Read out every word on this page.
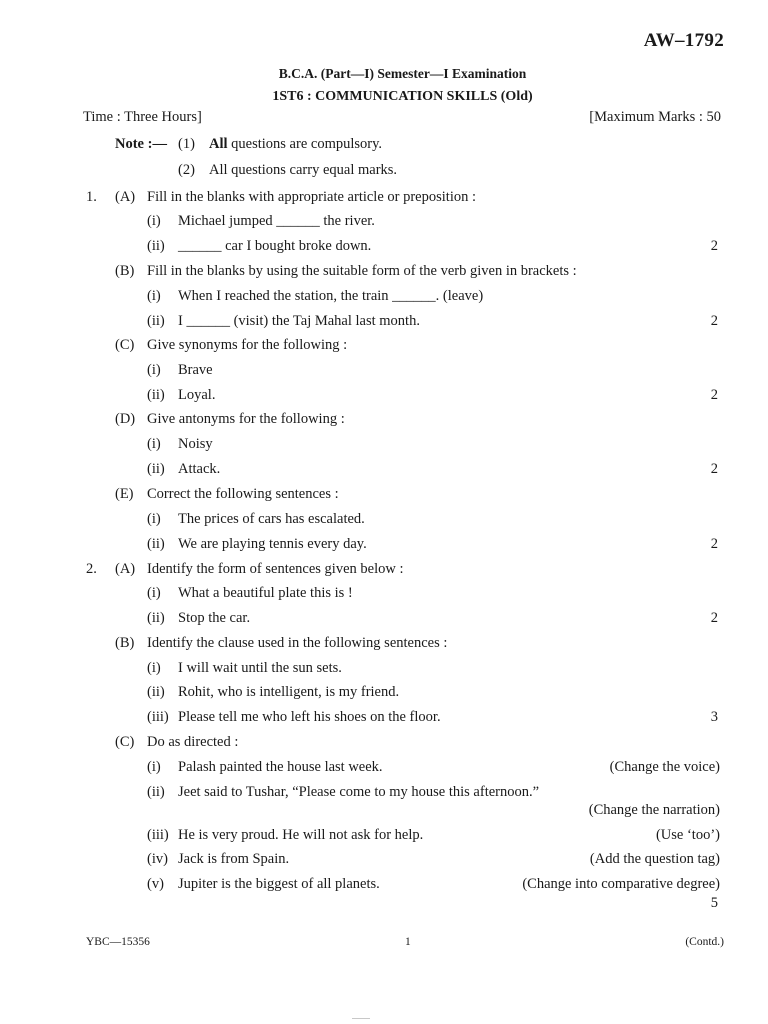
AW–1792
B.C.A. (Part—I) Semester—I Examination
1ST6 : COMMUNICATION SKILLS (Old)
Time : Three Hours]	[Maximum Marks : 50
Note :— (1) All questions are compulsory.
(2) All questions carry equal marks.
1. (A) Fill in the blanks with appropriate article or preposition :
(i) Michael jumped ______ the river.
(ii) ______ car I bought broke down.	2
(B) Fill in the blanks by using the suitable form of the verb given in brackets :
(i) When I reached the station, the train ______. (leave)
(ii) I ______ (visit) the Taj Mahal last month.	2
(C) Give synonyms for the following :
(i) Brave
(ii) Loyal.	2
(D) Give antonyms for the following :
(i) Noisy
(ii) Attack.	2
(E) Correct the following sentences :
(i) The prices of cars has escalated.
(ii) We are playing tennis every day.	2
2. (A) Identify the form of sentences given below :
(i) What a beautiful plate this is !
(ii) Stop the car.	2
(B) Identify the clause used in the following sentences :
(i) I will wait until the sun sets.
(ii) Rohit, who is intelligent, is my friend.
(iii) Please tell me who left his shoes on the floor.	3
(C) Do as directed :
(i) Palash painted the house last week.	(Change the voice)
(ii) Jeet said to Tushar, “Please come to my house this afternoon.”
(Change the narration)
(iii) He is very proud. He will not ask for help.	(Use ‘too’)
(iv) Jack is from Spain.	(Add the question tag)
(v) Jupiter is the biggest of all planets.	(Change into comparative degree)
5
YBC—15356	1	(Contd.)
